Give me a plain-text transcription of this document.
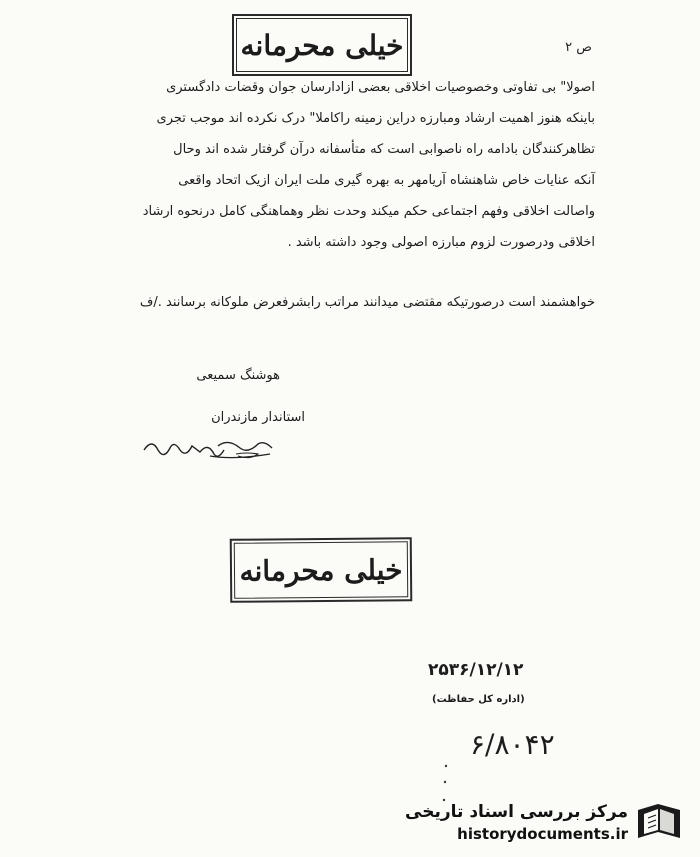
خیلی محرمانه	ص ۲

اصولا" بی تفاوتی وخصوصیات اخلاقی بعضی ازادارسان جوان وقضات دادگستری

باینکه هنوز اهمیت ارشاد ومبارزه دراین زمینه راکاملا" درک نکرده اند موجب تجری

تظاهرکنندگان بادامه راه ناصوابی است که متأسفانه درآن گرفتار شده اند وحال

آنکه عنایات خاص شاهنشاه آریامهر به بهره گیری ملت ایران ازیک اتحاد واقعی

واصالت اخلاقی وفهم اجتماعی حکم میکند وحدت نظر وهماهنگی کامل درنحوه ارشاد

اخلاقی ودرصورت لزوم مبارزه اصولی وجود داشته باشد .

خواهشمند است درصورتیکه مقتضی میدانند مراتب رابشرفعرض ملوکانه برسانند ./ف
هوشنگ سمیعی
استاندار مازندران
خیلی محرمانه
۲۵۳۶/۱۲/۱۲
(اداره کل حفاظت)
۶/۸۰۴۲
مرکز بررسی اسناد تاریخی
historydocuments.ir
